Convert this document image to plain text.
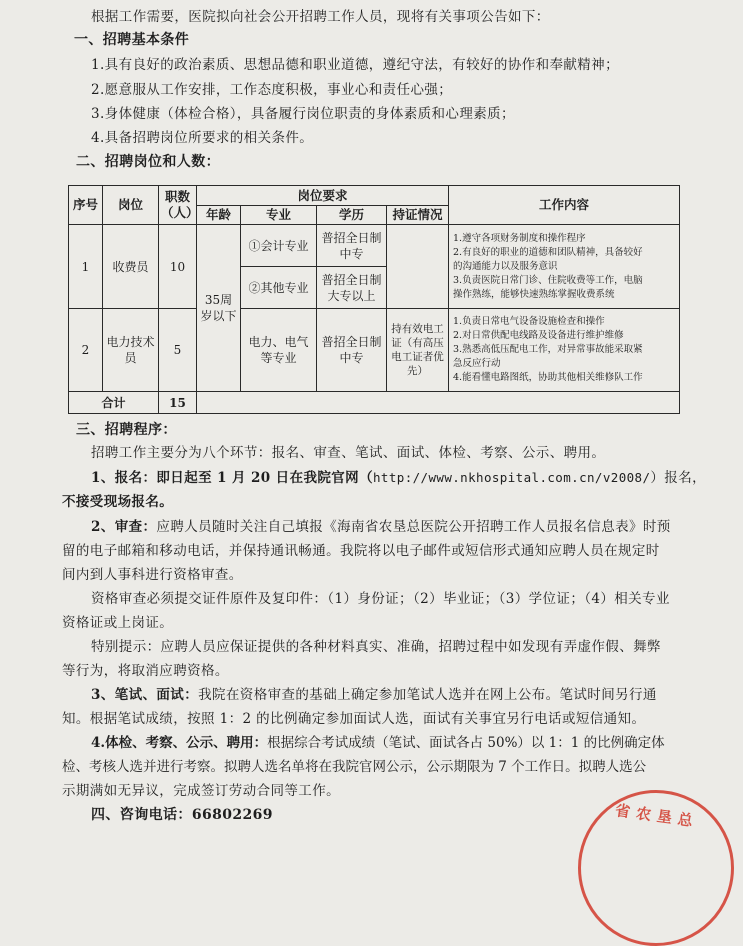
根据工作需要，医院拟向社会公开招聘工作人员，现将有关事项公告如下：
一、招聘基本条件
1.具有良好的政治素质、思想品德和职业道德，遵纪守法，有较好的协作和奉献精神；
2.愿意服从工作安排，工作态度积极，事业心和责任心强；
3.身体健康（体检合格），具备履行岗位职责的身体素质和心理素质；
4.具备招聘岗位所要求的相关条件。
二、招聘岗位和人数：
序号	岗位	职数（人）	岗位要求				工作内容
			年龄	专业	学历	持证情况	
1	收费员	10	35周岁以下	①会计专业	普招全日制中专		1.遵守各项财务制度和操作程序
2.有良好的职业的道德和团队精神，具备较好
的沟通能力以及服务意识
3.负责医院日常门诊、住院收费等工作，电脑
操作熟练，能够快速熟练掌握收费系统

				②其他专业	普招全日制大专以上		
2	电力技术员	5		电力、电气等专业	普招全日制中专	持有效电工证（有高压电工证者优先）	1.负责日常电气设备设施检查和操作
2.对日常供配电线路及设备进行维护维修
3.熟悉高低压配电工作，对异常事故能采取紧
急反应行动
4.能看懂电路图纸，协助其他相关维修队工作

合计		15					
三、招聘程序：
招聘工作主要分为八个环节：报名、审查、笔试、面试、体检、考察、公示、聘用。
1、报名：即日起至 1 月 20 日在我院官网（http://www.nkhospital.com.cn/v2008/）报名，
不接受现场报名。
2、审查：应聘人员随时关注自己填报《海南省农垦总医院公开招聘工作人员报名信息表》时预
留的电子邮箱和移动电话，并保持通讯畅通。我院将以电子邮件或短信形式通知应聘人员在规定时
间内到人事科进行资格审查。
资格审查必须提交证件原件及复印件：（1）身份证；（2）毕业证；（3）学位证；（4）相关专业
资格证或上岗证。
特别提示：应聘人员应保证提供的各种材料真实、准确，招聘过程中如发现有弄虚作假、舞弊
等行为，将取消应聘资格。
3、笔试、面试：我院在资格审查的基础上确定参加笔试人选并在网上公布。笔试时间另行通
知。根据笔试成绩，按照 1：2 的比例确定参加面试人选，面试有关事宜另行电话或短信通知。
4.体检、考察、公示、聘用：根据综合考试成绩（笔试、面试各占 50%）以 1：1 的比例确定体
检、考核人选并进行考察。拟聘人选名单将在我院官网公示，公示期限为 7 个工作日。拟聘人选公
示期满如无异议，完成签订劳动合同等工作。
四、咨询电话：66802269	省农垦总
